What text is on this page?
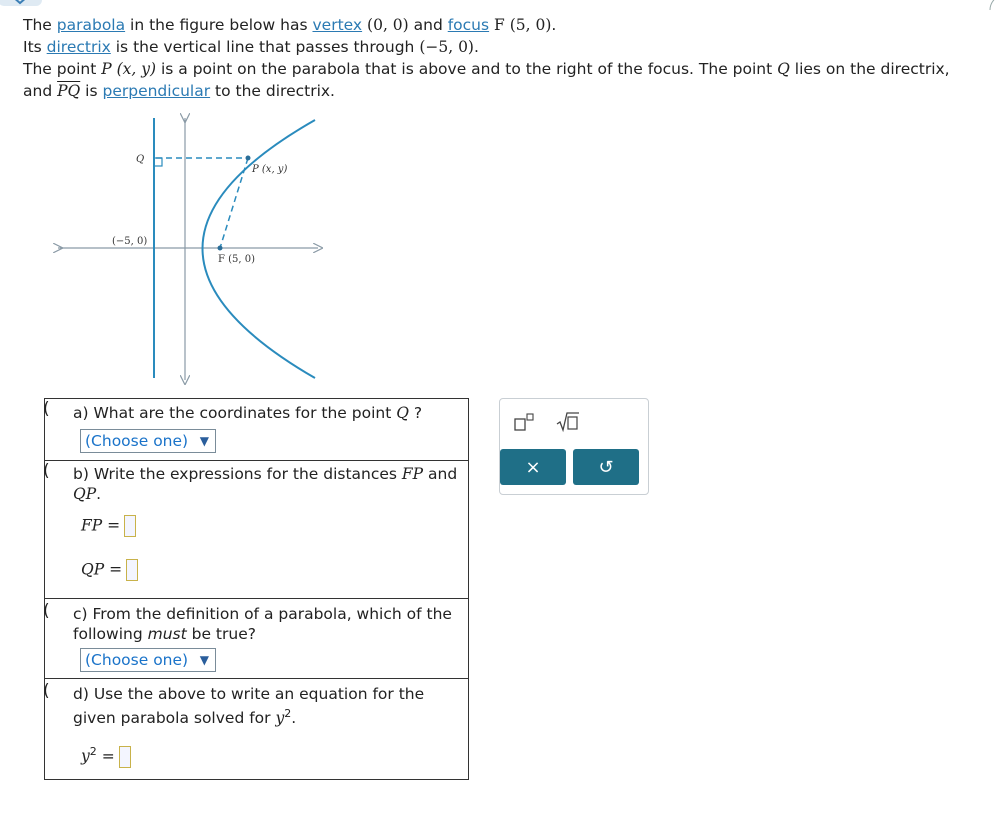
The parabola in the figure below has vertex (0, 0) and focus F (5, 0).

Its directrix is the vertical line that passes through (−5, 0).

The point P (x, y) is a point on the parabola that is above and to the right of the focus. The point Q lies on the directrix,

and $\overline{PQ}$ is perpendicular to the directrix.

Q
P (x, y)
(−5, 0)
F (5, 0)
( a) What are the coordinates for the point Q ?
(Choose one) ▼
( b) Write the expressions for the distances FP and
QP.
FP =
QP =
( c) From the definition of a parabola, which of the
following must be true?
(Choose one) ▼
( d) Use the above to write an equation for the
given parabola solved for $y^2$.
$y^2$ =
×	↺
